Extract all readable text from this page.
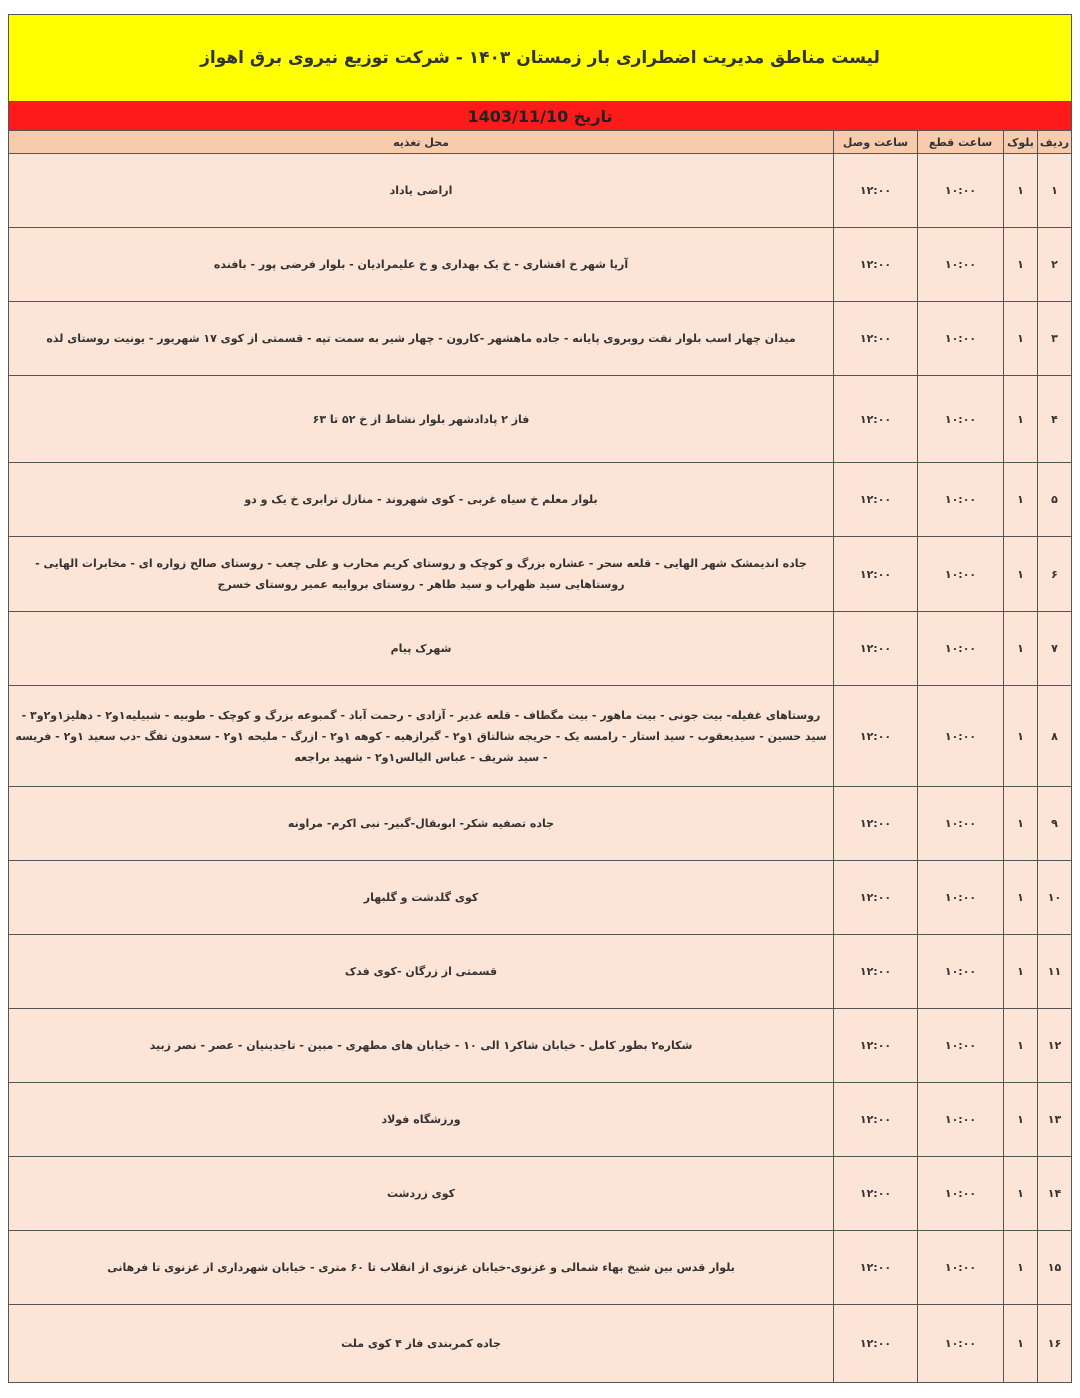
لیست مناطق مدیریت اضطراری بار زمستان ۱۴۰۳ - شرکت توزیع نیروی برق اهواز
تاریخ 1403/11/10
ردیف
بلوک
ساعت قطع
ساعت وصل
محل تغذیه
۱
۱
۱۰:۰۰
۱۲:۰۰
اراضی یاداد
۲
۱
۱۰:۰۰
۱۲:۰۰
آریا شهر خ افشاری - خ یک بهداری و خ علیمرادیان - بلوار فرضی پور - بافنده
۳
۱
۱۰:۰۰
۱۲:۰۰
میدان چهار اسب بلوار نفت روبروی پایانه - جاده ماهشهر -کارون - چهار شیر به سمت تپه - قسمتی از کوی ۱۷ شهریور - یونیت روستای لذه
۴
۱
۱۰:۰۰
۱۲:۰۰
فاز ۲ پادادشهر بلوار نشاط از خ ۵۲ تا ۶۳
۵
۱
۱۰:۰۰
۱۲:۰۰
بلوار معلم خ سیاه غربی - کوی شهروند - منازل ترابری خ یک و دو
۶
۱
۱۰:۰۰
۱۲:۰۰
جاده اندیمشک شهر الهایی - قلعه سحر - عشاره بزرگ و کوچک و روستای کریم محارب و علی چعب - روستای صالح زواره ای - مخابرات الهایی - روستاهایی سید ظهراب و سید طاهر - روستای برواییه عمیر روستای خسرج
۷
۱
۱۰:۰۰
۱۲:۰۰
شهرک پیام
۸
۱
۱۰:۰۰
۱۲:۰۰
روستاهای غفیله- بیت جونی - بیت ماهور - بیت مگطاف - قلعه غدیر - آزادی - رحمت آباد - گمبوعه بزرگ و کوچک - طوبیه - شبیلیه۱و۲ - دهلیز۱و۲و۳ - سید حسین - سیدیعقوب - سید استار - رامسه یک - حریجه شالتاق ۱و۲ - گبرازهیه - کوهه ۱و۲ - ازرگ - ملیحه ۱و۲ - سعدون تفگ -دب سعید ۱و۲ - فریسه - سید شریف - عباس الیالس۱و۲ - شهید براجعه
۹
۱
۱۰:۰۰
۱۲:۰۰
جاده تصفیه شکر- ابوبقال-گبیر- نبی اکرم- مراونه
۱۰
۱
۱۰:۰۰
۱۲:۰۰
کوی گلدشت و گلبهار
۱۱
۱
۱۰:۰۰
۱۲:۰۰
قسمتی از زرگان -کوی فدک
۱۲
۱
۱۰:۰۰
۱۲:۰۰
شکاره۲ بطور کامل - خیابان شاکر۱ الی ۱۰ - خیابان های مطهری - مبین - تاجدینیان - عصر - نصر زبید
۱۳
۱
۱۰:۰۰
۱۲:۰۰
ورزشگاه فولاد
۱۴
۱
۱۰:۰۰
۱۲:۰۰
کوی زردشت
۱۵
۱
۱۰:۰۰
۱۲:۰۰
بلوار قدس بین شیخ بهاء شمالی و غزنوی-خیابان غزنوی از انقلاب تا ۶۰ متری - خیابان شهرداری از غزنوی تا فرهانی
۱۶
۱
۱۰:۰۰
۱۲:۰۰
جاده کمربندی فاز ۴ کوی ملت
